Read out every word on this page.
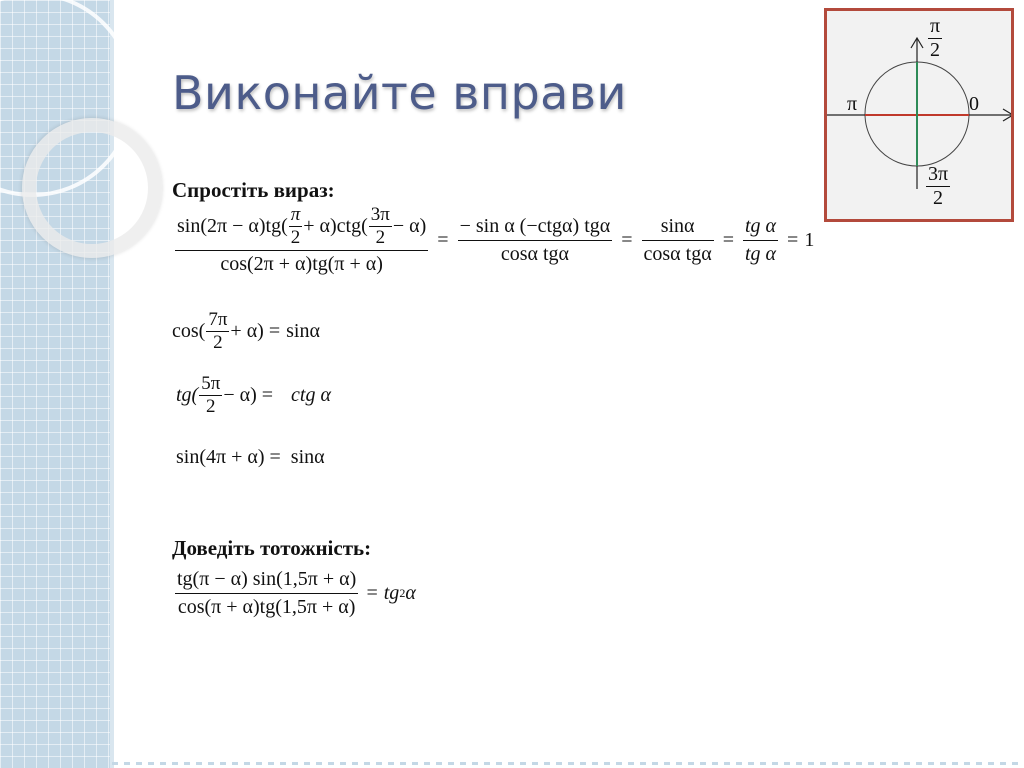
Виконайте вправи
Спростіть вираз:
$\sin(2\pi - \alpha)tg( \frac{\pi}{2} + \alpha)ctg( \frac{3\pi}{2} - \alpha)$
cos(2π + α)tg(π + α)
= $\frac{\text{− sin α (−ctgα) tgα}}{\text{cosα tgα}} = \frac{\sin\alpha}{\text{cosα tgα}} = \frac{\text{tg α}}{\text{tg α}} = 1$
$\cos( \frac{7\pi}{2} + \alpha) = \sin\alpha$
$tg( \frac{5\pi}{2} - \alpha)$ = ctg α
sin(4π + α) = sinα
Доведіть тотожність:
$\frac{tg(\pi - \alpha) \sin(1,5\pi + \alpha)}{\cos(\pi + \alpha)tg(1,5\pi + \alpha)}$ = tg 2 α
$\frac{\pi}{2}$
π	0
$\frac{3\pi}{2}$
